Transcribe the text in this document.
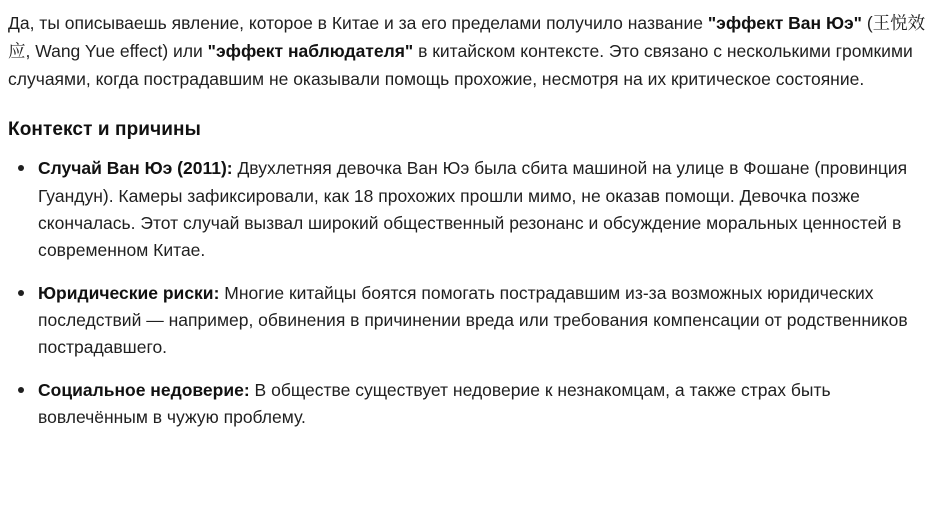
Да, ты описываешь явление, которое в Китае и за его пределами получило название "эффект Ван Юэ" (王悦效应, Wang Yue effect) или "эффект наблюдателя" в китайском контексте. Это связано с несколькими громкими случаями, когда пострадавшим не оказывали помощь прохожие, несмотря на их критическое состояние.

Контекст и причины
Случай Ван Юэ (2011): Двухлетняя девочка Ван Юэ была сбита машиной на улице в Фошане (провинция Гуандун). Камеры зафиксировали, как 18 прохожих прошли мимо, не оказав помощи. Девочка позже скончалась. Этот случай вызвал широкий общественный резонанс и обсуждение моральных ценностей в современном Китае.
Юридические риски: Многие китайцы боятся помогать пострадавшим из-за возможных юридических последствий — например, обвинения в причинении вреда или требования компенсации от родственников пострадавшего.
Социальное недоверие: В обществе существует недоверие к незнакомцам, а также страх быть вовлечённым в чужую проблему.
